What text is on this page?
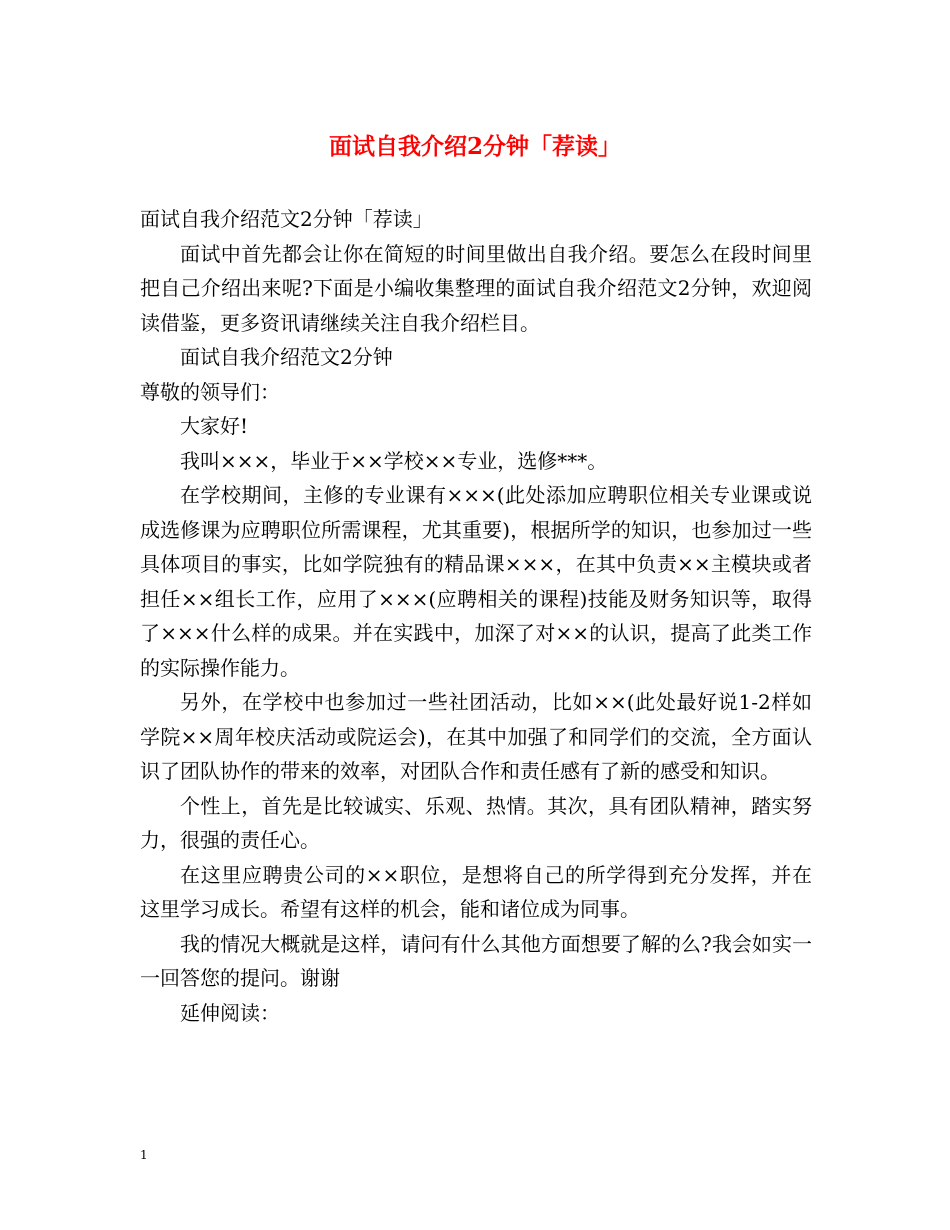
面试自我介绍2分钟「荐读」

面试自我介绍范文2分钟「荐读」

面试中首先都会让你在简短的时间里做出自我介绍。要怎么在段时间里把自己介绍出来呢?下面是小编收集整理的面试自我介绍范文2分钟，欢迎阅读借鉴，更多资讯请继续关注自我介绍栏目。

面试自我介绍范文2分钟

尊敬的领导们：

大家好!

我叫×××，毕业于××学校××专业，选修***。

在学校期间，主修的专业课有×××(此处添加应聘职位相关专业课或说成选修课为应聘职位所需课程，尤其重要)，根据所学的知识，也参加过一些具体项目的事实，比如学院独有的精品课×××，在其中负责××主模块或者担任××组长工作，应用了×××(应聘相关的课程)技能及财务知识等，取得了×××什么样的成果。并在实践中，加深了对××的认识，提高了此类工作的实际操作能力。

另外，在学校中也参加过一些社团活动，比如××(此处最好说1-2样如学院××周年校庆活动或院运会)，在其中加强了和同学们的交流，全方面认识了团队协作的带来的效率，对团队合作和责任感有了新的感受和知识。

个性上，首先是比较诚实、乐观、热情。其次，具有团队精神，踏实努力，很强的责任心。

在这里应聘贵公司的××职位，是想将自己的所学得到充分发挥，并在这里学习成长。希望有这样的机会，能和诸位成为同事。

我的情况大概就是这样，请问有什么其他方面想要了解的么?我会如实一一回答您的提问。谢谢

延伸阅读：

1
